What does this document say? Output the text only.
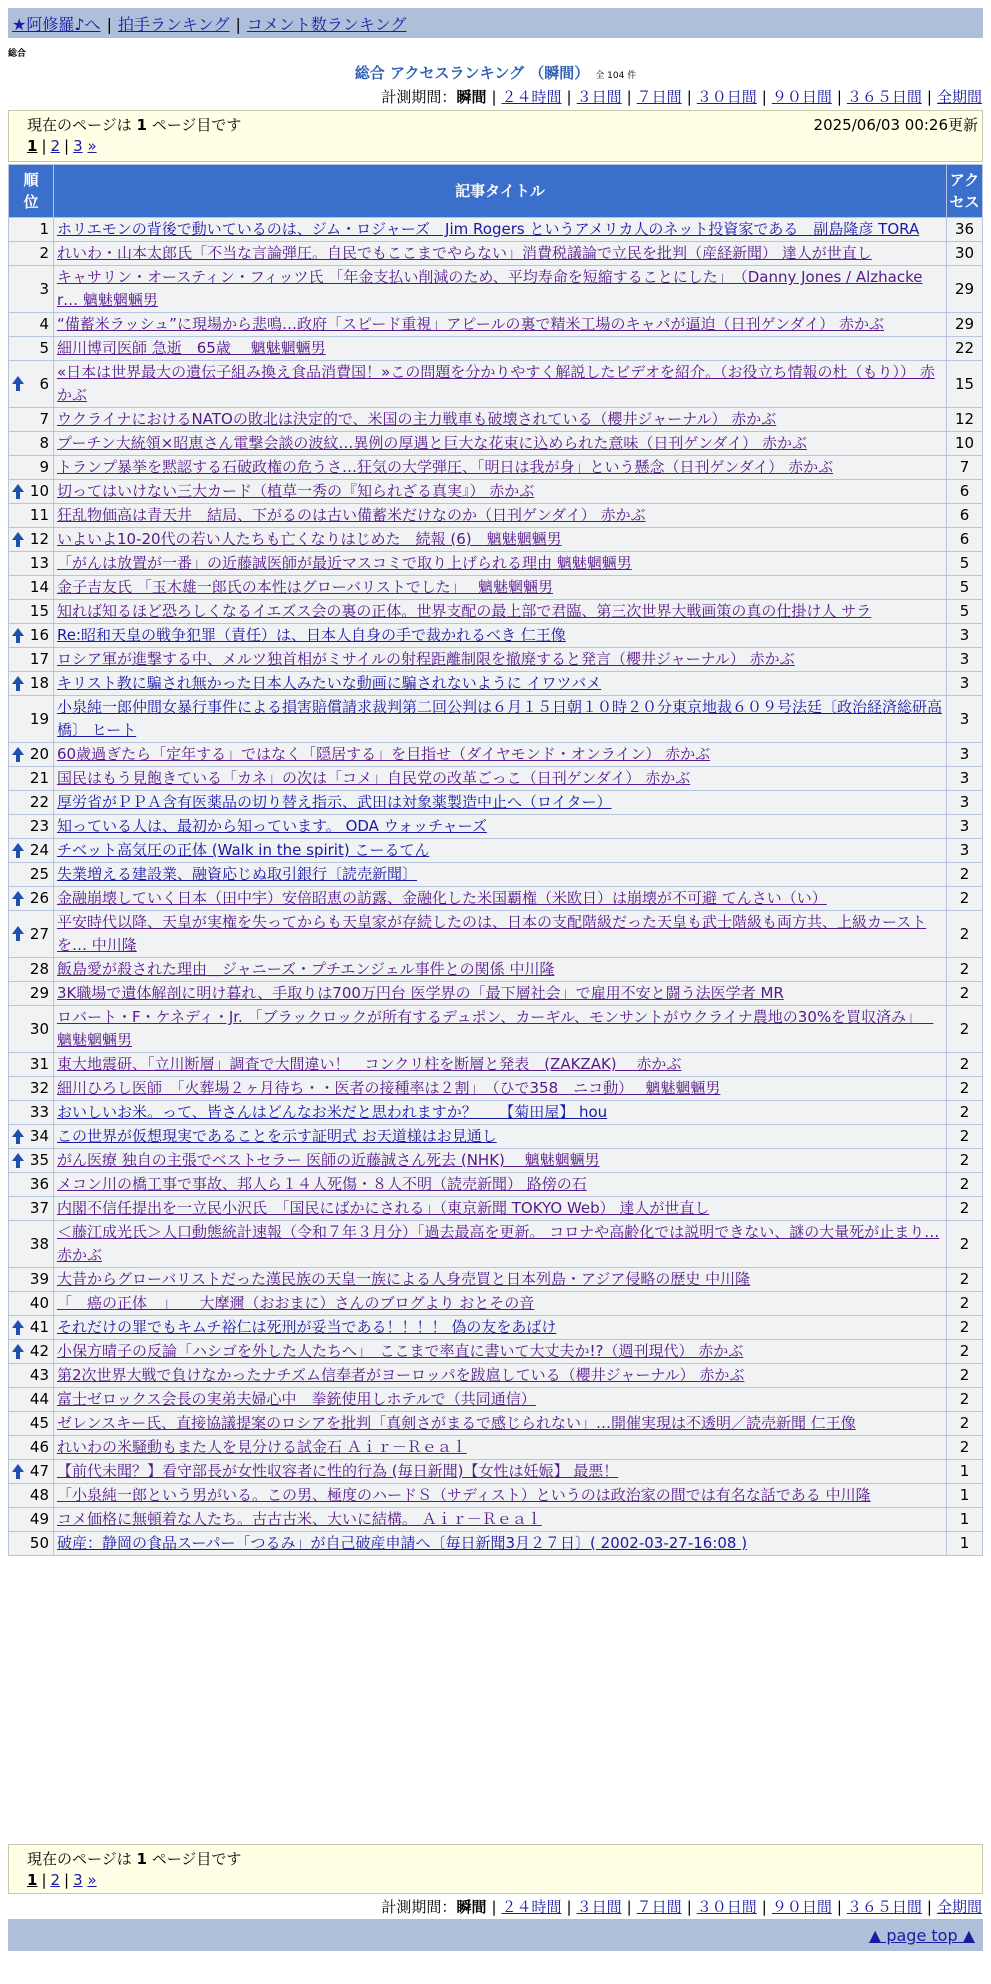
★阿修羅♪へ | 拍手ランキング | コメント数ランキング
総合
総合 アクセスランキング （瞬間） 全 104 件
計測期間：瞬間 | ２４時間 | ３日間 | ７日間 | ３０日間 | ９０日間 | ３６５日間 | 全期間
現在のページは 1 ページ目です	2025/06/03 00:26更新
1 | 2 | 3 »
順位	記事タイトル	アクセス

1	ホリエモンの背後で動いているのは、ジム・ロジャーズ　Jim Rogers というアメリカ人のネット投資家である　副島隆彦 TORA	36
2	れいわ・山本太郎氏「不当な言論弾圧。自民でもここまでやらない」消費税議論で立民を批判（産経新聞） 達人が世直し	30
3	キャサリン・オースティン・フィッツ氏 「年金支払い削減のため、平均寿命を短縮することにした」　（Danny Jones / Alzhacker… 魑魅魍魎男	29
4	“備蓄米ラッシュ”に現場から悲鳴…政府「スピード重視」アピールの裏で精米工場のキャパが逼迫（日刊ゲンダイ） 赤かぶ	29
5	細川博司医師 急逝　65歳　 魑魅魍魎男	22

6	«日本は世界最大の遺伝子組み換え食品消費国！»この問題を分かりやすく解説したビデオを紹介。（お役立ち情報の杜（もり）） 赤かぶ	15
7	ウクライナにおけるNATOの敗北は決定的で、米国の主力戦車も破壊されている（櫻井ジャーナル） 赤かぶ	12
8	プーチン大統領×昭恵さん電撃会談の波紋…異例の厚遇と巨大な花束に込められた意味（日刊ゲンダイ） 赤かぶ	10
9	トランプ暴挙を黙認する石破政権の危うさ…狂気の大学弾圧、「明日は我が身」という懸念（日刊ゲンダイ） 赤かぶ	7

10	切ってはいけない三大カード（植草一秀の『知られざる真実』） 赤かぶ	6
11	狂乱物価高は青天井　結局、下がるのは古い備蓄米だけなのか（日刊ゲンダイ） 赤かぶ	6

12	いよいよ10-20代の若い人たちも亡くなりはじめた　続報 (6)　魑魅魍魎男	6
13	「がんは放置が一番」の近藤誠医師が最近マスコミで取り上げられる理由 魑魅魍魎男	5
14	金子吉友氏 「玉木雄一郎氏の本性はグローバリストでした」　 魑魅魍魎男	5
15	知れば知るほど恐ろしくなるイエズス会の裏の正体。世界支配の最上部で君臨、第三次世界大戦画策の真の仕掛け人 サラ	5

16	Re:昭和天皇の戦争犯罪（責任）は、日本人自身の手で裁かれるべき 仁王像	3
17	ロシア軍が進撃する中、メルツ独首相がミサイルの射程距離制限を撤廃すると発言（櫻井ジャーナル） 赤かぶ	3

18	キリスト教に騙され無かった日本人みたいな動画に騙されないように イワツバメ	3
19	小泉純一郎仲間女暴行事件による損害賠償請求裁判第二回公判は６月１５日朝１０時２０分東京地裁６０９号法廷〔政治経済総研高橋〕 ヒート	3

20	60歳過ぎたら「定年する」ではなく「隠居する」を目指せ（ダイヤモンド・オンライン） 赤かぶ	3
21	国民はもう見飽きている「カネ」の次は「コメ」自民党の改革ごっこ（日刊ゲンダイ） 赤かぶ	3
22	厚労省がＰＰＡ含有医薬品の切り替え指示、武田は対象薬製造中止へ（ロイター）	3
23	知っている人は、最初から知っています。 ODA ウォッチャーズ	3

24	チベット高気圧の正体 (Walk in the spirit) こーるてん	3
25	失業増える建設業、融資応じぬ取引銀行〔読売新聞〕	2

26	金融崩壊していく日本（田中宇）安倍昭恵の訪露、金融化した米国覇権（米欧日）は崩壊が不可避 てんさい（い）	2

27	平安時代以降、天皇が実権を失ってからも天皇家が存続したのは、日本の支配階級だった天皇も武士階級も両方共、上級カーストを… 中川隆	2
28	飯島愛が殺された理由＿ジャニーズ・プチエンジェル事件との関係 中川隆	2
29	3K職場で遺体解剖に明け暮れ、手取りは700万円台 医学界の「最下層社会」で雇用不安と闘う法医学者 MR	2
30	ロバート・F・ケネディ・Jr. 「ブラックロックが所有するデュポン、カーギル、モンサントがウクライナ農地の30%を買収済み」　 魑魅魍魎男	2
31	東大地震研、「立川断層」調査で大間違い！　コンクリ柱を断層と発表　(ZAKZAK)　 赤かぶ	2
32	細川ひろし医師　「火葬場２ヶ月待ち・・医者の接種率は２割」　（ひで358　ニコ動）　 魑魅魍魎男	2
33	おいしいお米。って、皆さんはどんなお米だと思われますか？　　【菊田屋】 hou	2

34	この世界が仮想現実であることを示す証明式 お天道様はお見通し	2

35	がん医療 独自の主張でベストセラー 医師の近藤誠さん死去 (NHK)　 魑魅魍魎男	2
36	メコン川の橋工事で事故、邦人ら１４人死傷・８人不明（読売新聞） 路傍の石	2
37	内閣不信任提出を一立民小沢氏　「国民にばかにされる」（東京新聞 TOKYO Web） 達人が世直し	2
38	＜藤江成光氏＞人口動態統計速報（令和７年３月分）「過去最高を更新。 コロナや高齢化では説明できない、謎の大量死が止まり… 赤かぶ	2
39	大昔からグローバリストだった漢民族の天皇一族による人身売買と日本列島・アジア侵略の歴史 中川隆	2
40	「　癌の正体　」　　大摩邇（おおまに）さんのブログより おとその音	2

41	それだけの罪でもキムチ裕仁は死刑が妥当である！！！！ 偽の友をあばけ	2

42	小保方晴子の反論「ハシゴを外した人たちへ」　ここまで率直に書いて大丈夫か!?（週刊現代） 赤かぶ	2
43	第2次世界大戦で負けなかったナチズム信奉者がヨーロッパを跋扈している（櫻井ジャーナル） 赤かぶ	2
44	富士ゼロックス会長の実弟夫婦心中　拳銃使用しホテルで（共同通信）	2
45	ゼレンスキー氏、直接協議提案のロシアを批判「真剣さがまるで感じられない」…開催実現は不透明／読売新聞 仁王像	2
46	れいわの米騒動もまた人を見分ける試金石 Ａｉｒ－Ｒｅａｌ	2

47	【前代未聞？】看守部長が女性収容者に性的行為 (毎日新聞)【女性は妊娠】 最悪！	1
48	「小泉純一郎という男がいる。この男、極度のハードＳ（サディスト）というのは政治家の間では有名な話である 中川隆	1
49	コメ価格に無頓着な人たち。古古古米、大いに結構。 Ａｉｒ－Ｒｅａｌ	1
50	破産：静岡の食品スーパー「つるみ」が自己破産申請へ〔毎日新聞3月２７日〕( 2002-03-27-16:08 )	1
現在のページは 1 ページ目です
1 | 2 | 3 »
計測期間：瞬間 | ２４時間 | ３日間 | ７日間 | ３０日間 | ９０日間 | ３６５日間 | 全期間
▲ page top ▲
